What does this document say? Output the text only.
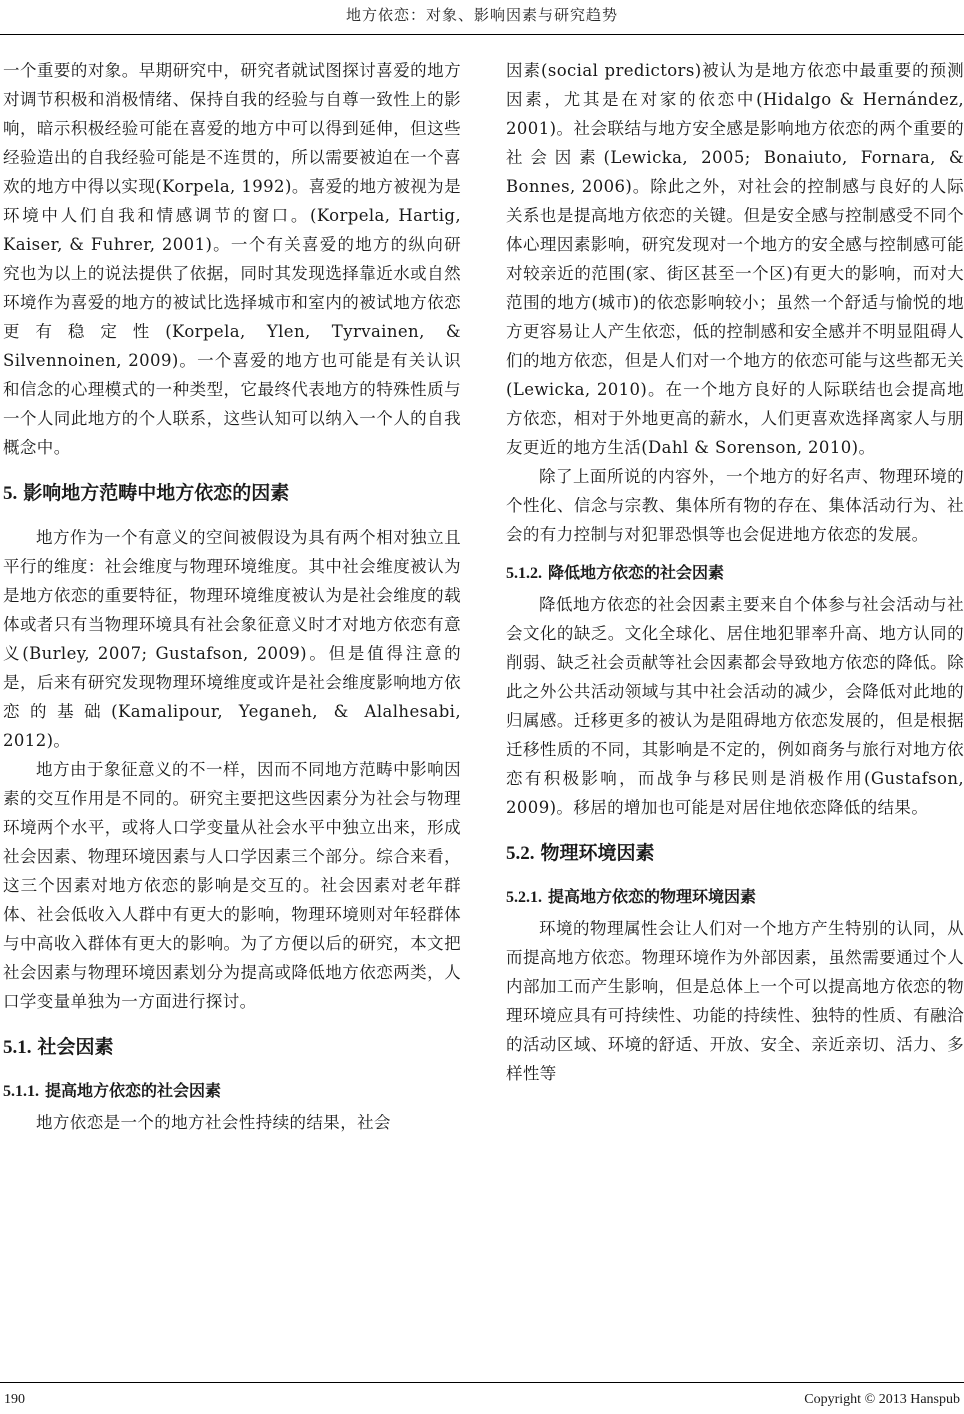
地方依恋：对象、影响因素与研究趋势

一个重要的对象。早期研究中，研究者就试图探讨喜爱的地方对调节积极和消极情绪、保持自我的经验与自尊一致性上的影响，暗示积极经验可能在喜爱的地方中可以得到延伸，但这些经验造出的自我经验可能是不连贯的，所以需要被迫在一个喜欢的地方中得以实现(Korpela, 1992)。喜爱的地方被视为是环境中人们自我和情感调节的窗口。(Korpela, Hartig, Kaiser, & Fuhrer, 2001)。一个有关喜爱的地方的纵向研究也为以上的说法提供了依据，同时其发现选择靠近水或自然环境作为喜爱的地方的被试比选择城市和室内的被试地方依恋更有稳定性(Korpela, Ylen, Tyrvainen, & Silvennoinen, 2009)。一个喜爱的地方也可能是有关认识和信念的心理模式的一种类型，它最终代表地方的特殊性质与一个人同此地方的个人联系，这些认知可以纳入一个人的自我概念中。

5. 影响地方范畴中地方依恋的因素

地方作为一个有意义的空间被假设为具有两个相对独立且平行的维度：社会维度与物理环境维度。其中社会维度被认为是地方依恋的重要特征，物理环境维度被认为是社会维度的载体或者只有当物理环境具有社会象征意义时才对地方依恋有意义(Burley, 2007; Gustafson, 2009)。但是值得注意的是，后来有研究发现物理环境维度或许是社会维度影响地方依恋的基础(Kamalipour, Yeganeh, & Alalhesabi, 2012)。

地方由于象征意义的不一样，因而不同地方范畴中影响因素的交互作用是不同的。研究主要把这些因素分为社会与物理环境两个水平，或将人口学变量从社会水平中独立出来，形成社会因素、物理环境因素与人口学因素三个部分。综合来看，这三个因素对地方依恋的影响是交互的。社会因素对老年群体、社会低收入人群中有更大的影响，物理环境则对年轻群体与中高收入群体有更大的影响。为了方便以后的研究，本文把社会因素与物理环境因素划分为提高或降低地方依恋两类，人口学变量单独为一方面进行探讨。

5.1. 社会因素
5.1.1. 提高地方依恋的社会因素

地方依恋是一个的地方社会性持续的结果，社会

因素(social predictors)被认为是地方依恋中最重要的预测因素，尤其是在对家的依恋中(Hidalgo & Hernández, 2001)。社会联结与地方安全感是影响地方依恋的两个重要的社会因素(Lewicka, 2005; Bonaiuto, Fornara, & Bonnes, 2006)。除此之外，对社会的控制感与良好的人际关系也是提高地方依恋的关键。但是安全感与控制感受不同个体心理因素影响，研究发现对一个地方的安全感与控制感可能对较亲近的范围(家、街区甚至一个区)有更大的影响，而对大范围的地方(城市)的依恋影响较小；虽然一个舒适与愉悦的地方更容易让人产生依恋，低的控制感和安全感并不明显阻碍人们的地方依恋，但是人们对一个地方的依恋可能与这些都无关(Lewicka, 2010)。在一个地方良好的人际联结也会提高地方依恋，相对于外地更高的薪水，人们更喜欢选择离家人与朋友更近的地方生活(Dahl & Sorenson, 2010)。

除了上面所说的内容外，一个地方的好名声、物理环境的个性化、信念与宗教、集体所有物的存在、集体活动行为、社会的有力控制与对犯罪恐惧等也会促进地方依恋的发展。

5.1.2. 降低地方依恋的社会因素

降低地方依恋的社会因素主要来自个体参与社会活动与社会文化的缺乏。文化全球化、居住地犯罪率升高、地方认同的削弱、缺乏社会贡献等社会因素都会导致地方依恋的降低。除此之外公共活动领域与其中社会活动的减少，会降低对此地的归属感。迁移更多的被认为是阻碍地方依恋发展的，但是根据迁移性质的不同，其影响是不定的，例如商务与旅行对地方依恋有积极影响，而战争与移民则是消极作用(Gustafson, 2009)。移居的增加也可能是对居住地依恋降低的结果。

5.2. 物理环境因素
5.2.1. 提高地方依恋的物理环境因素

环境的物理属性会让人们对一个地方产生特别的认同，从而提高地方依恋。物理环境作为外部因素，虽然需要通过个人内部加工而产生影响，但是总体上一个可以提高地方依恋的物理环境应具有可持续性、功能的持续性、独特的性质、有融洽的活动区域、环境的舒适、开放、安全、亲近亲切、活力、多样性等

190	Copyright © 2013 Hanspub
